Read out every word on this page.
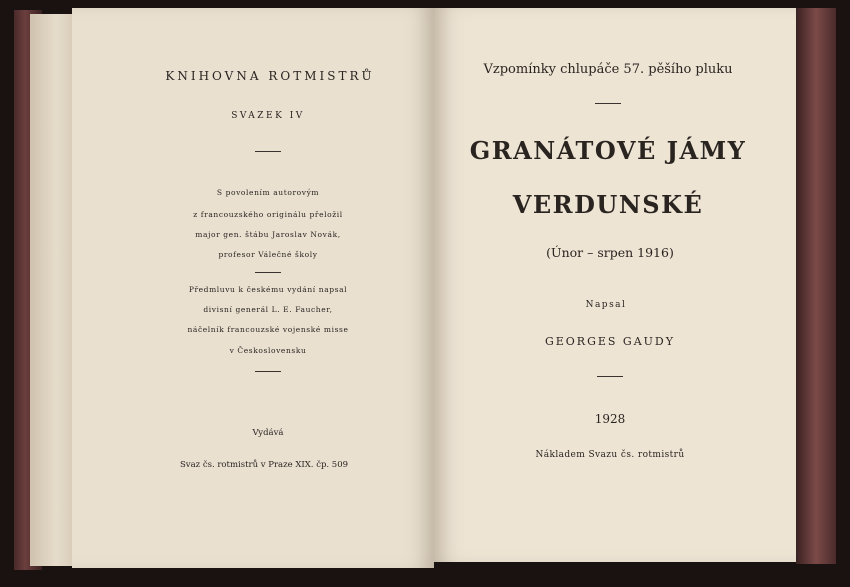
KNIHOVNA ROTMISTRŮ
SVAZEK IV
S povolením autorovým
z francouzského originálu přeložil
major gen. štábu Jaroslav Novák,
profesor Válečné školy
Předmluvu k českému vydání napsal
divisní generál L. E. Faucher,
náčelník francouzské vojenské misse
v Československu
Vydává
Svaz čs. rotmistrů v Praze XIX. čp. 509
Vzpomínky chlupáče 57. pěšího pluku
GRANÁTOVÉ JÁMY
VERDUNSKÉ
(Únor – srpen 1916)
Napsal
GEORGES GAUDY
1928
Nákladem Svazu čs. rotmistrů
